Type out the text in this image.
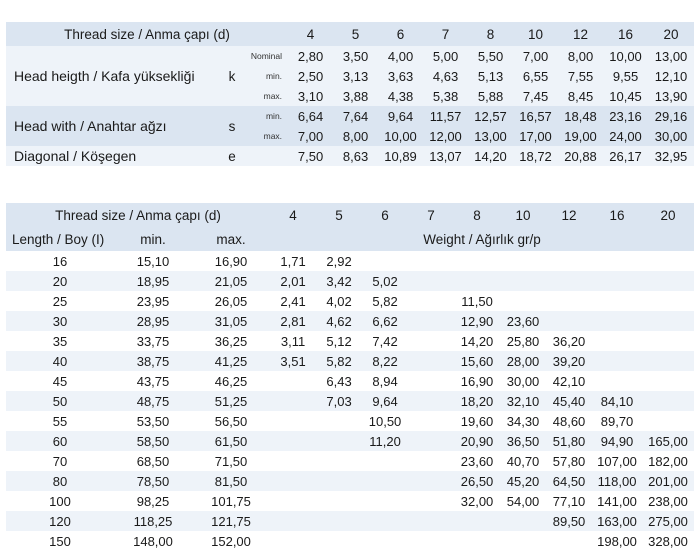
Thread size / Anma çapı (d)			4	5	6	7	8	10	12	16	20
Head heigth / Kafa yüksekliği	k	Nominal	2,80	3,50	4,00	5,00	5,50	7,00	8,00	10,00	13,00
		min.	2,50	3,13	3,63	4,63	5,13	6,55	7,55	9,55	12,10
		max.	3,10	3,88	4,38	5,38	5,88	7,45	8,45	10,45	13,90
Head with / Anahtar ağzı	s	min.	6,64	7,64	9,64	11,57	12,57	16,57	18,48	23,16	29,16
		max.	7,00	8,00	10,00	12,00	13,00	17,00	19,00	24,00	30,00
Diagonal / Köşegen	e		7,50	8,63	10,89	13,07	14,20	18,72	20,88	26,17	32,95
Thread size / Anma çapı (d)			4	5	6	7	8	10	12	16	20
Length / Boy (I)	min.	max.	Weight / Ağırlık gr/p								
16	15,10	16,90	1,71	2,92							
20	18,95	21,05	2,01	3,42	5,02						
25	23,95	26,05	2,41	4,02	5,82		11,50				
30	28,95	31,05	2,81	4,62	6,62		12,90	23,60			
35	33,75	36,25	3,11	5,12	7,42		14,20	25,80	36,20		
40	38,75	41,25	3,51	5,82	8,22		15,60	28,00	39,20		
45	43,75	46,25		6,43	8,94		16,90	30,00	42,10		
50	48,75	51,25		7,03	9,64		18,20	32,10	45,40	84,10	
55	53,50	56,50			10,50		19,60	34,30	48,60	89,70	
60	58,50	61,50			11,20		20,90	36,50	51,80	94,90	165,00
70	68,50	71,50					23,60	40,70	57,80	107,00	182,00
80	78,50	81,50					26,50	45,20	64,50	118,00	201,00
100	98,25	101,75					32,00	54,00	77,10	141,00	238,00
120	118,25	121,75							89,50	163,00	275,00
150	148,00	152,00								198,00	328,00
